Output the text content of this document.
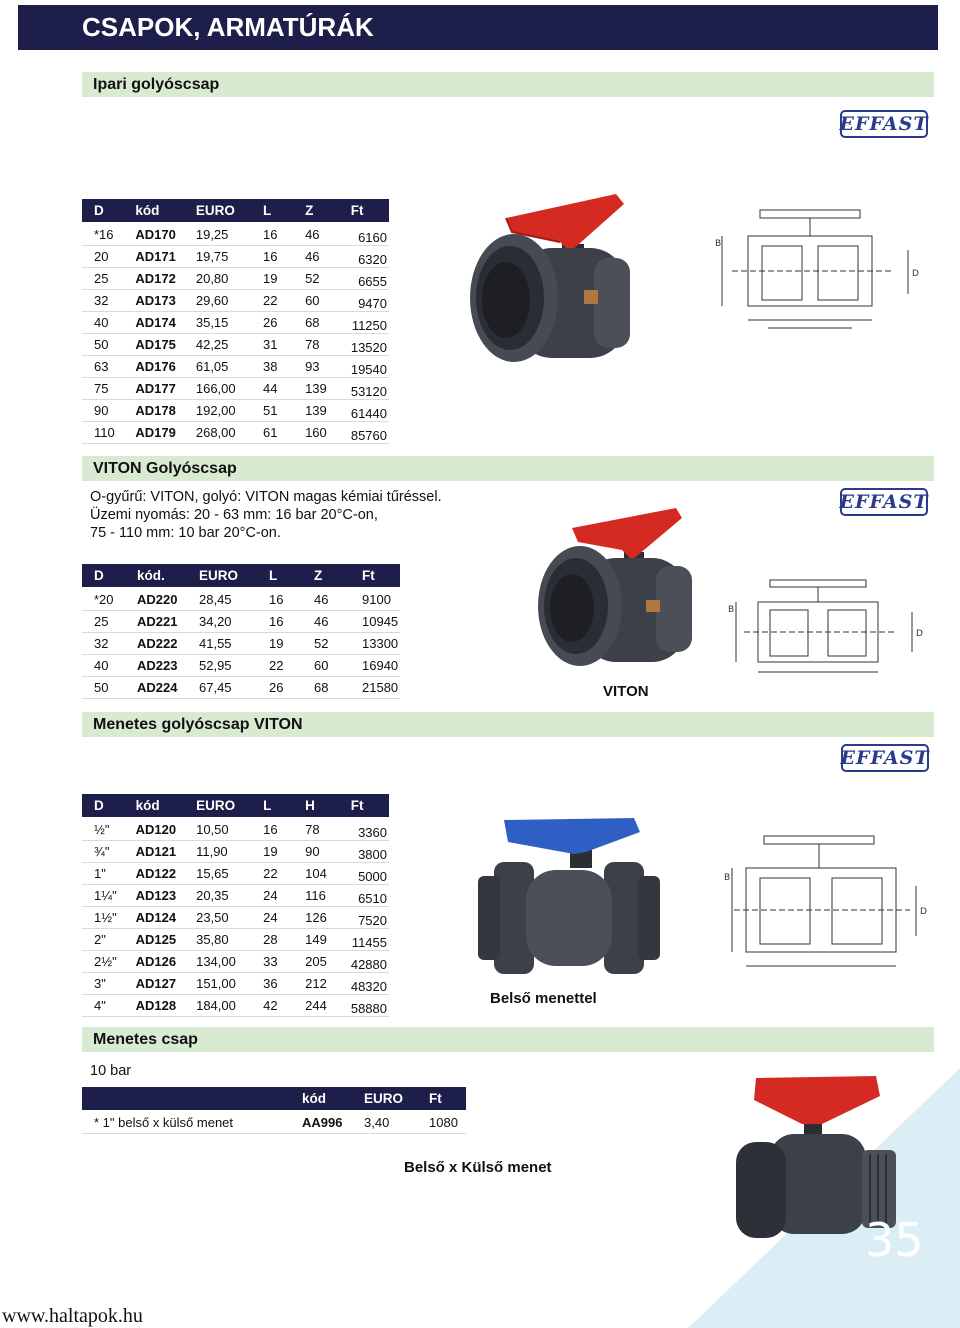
CSAPOK, ARMATÚRÁK
Ipari golyóscsap
EFFAST
D	kód	EURO	L	Z	Ft
*16	AD170	19,25	16	46	6160
20	AD171	19,75	16	46	6320
25	AD172	20,80	19	52	6655
32	AD173	29,60	22	60	9470
40	AD174	35,15	26	68	11250
50	AD175	42,25	31	78	13520
63	AD176	61,05	38	93	19540
75	AD177	166,00	44	139	53120
90	AD178	192,00	51	139	61440
110	AD179	268,00	61	160	85760
B
D
VITON Golyóscsap
O-gyűrű: VITON, golyó: VITON magas kémiai tűréssel.
Üzemi nyomás: 20 - 63 mm: 16 bar 20°C-on,
75 - 110 mm: 10 bar 20°C-on.
EFFAST
D	kód.	EURO	L	Z	Ft
*20	AD220	28,45	16	46	9100
25	AD221	34,20	16	46	10945
32	AD222	41,55	19	52	13300
40	AD223	52,95	22	60	16940
50	AD224	67,45	26	68	21580	VITON
B
D
Menetes golyóscsap VITON
EFFAST
D	kód	EURO	L	H	Ft
½"	AD120	10,50	16	78	3360
¾"	AD121	11,90	19	90	3800
1"	AD122	15,65	22	104	5000
1¼"	AD123	20,35	24	116	6510
1½"	AD124	23,50	24	126	7520
2"	AD125	35,80	28	149	11455
2½"	AD126	134,00	33	205	42880
3"	AD127	151,00	36	212	48320
4"	AD128	184,00	42	244	58880
Belső menettel
B
D
Menetes csap
10 bar
	kód	EURO	Ft
* 1" belső x külső menet	AA996	3,40	1080
Belső x Külső menet
35
www.haltapok.hu
